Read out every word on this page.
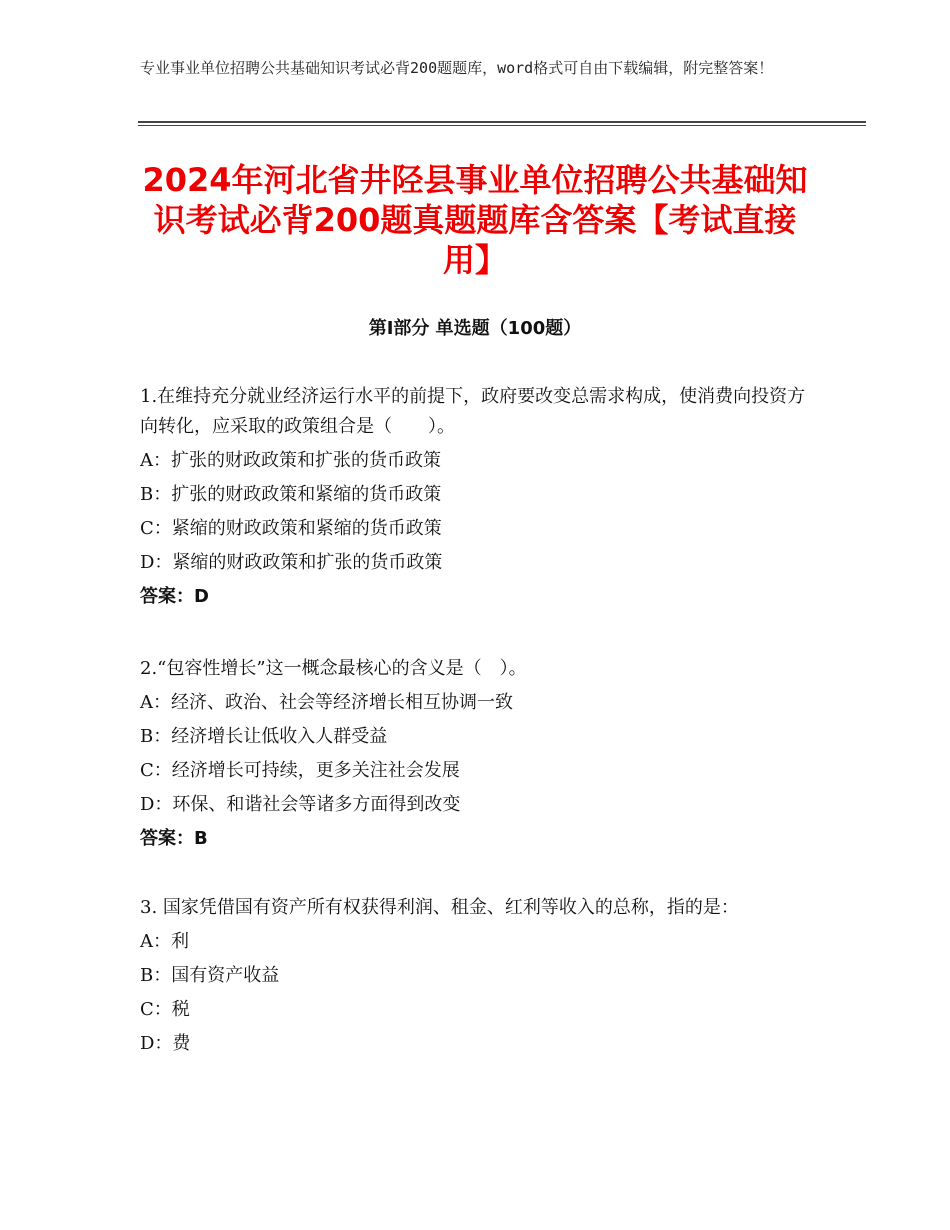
专业事业单位招聘公共基础知识考试必背200题题库，word格式可自由下载编辑，附完整答案！
2024年河北省井陉县事业单位招聘公共基础知识考试必背200题真题题库含答案【考试直接用】
第Ⅰ部分 单选题（100题）

1.在维持充分就业经济运行水平的前提下，政府要改变总需求构成，使消费向投资方向转化，应采取的政策组合是（　　）。

A：扩张的财政政策和扩张的货币政策

B：扩张的财政政策和紧缩的货币政策

C：紧缩的财政政策和紧缩的货币政策

D：紧缩的财政政策和扩张的货币政策

答案：D

2.“包容性增长”这一概念最核心的含义是（　）。

A：经济、政治、社会等经济增长相互协调一致

B：经济增长让低收入人群受益

C：经济增长可持续，更多关注社会发展

D：环保、和谐社会等诸多方面得到改变

答案：B

3. 国家凭借国有资产所有权获得利润、租金、红利等收入的总称，指的是：

A：利

B：国有资产收益

C：税

D：费
